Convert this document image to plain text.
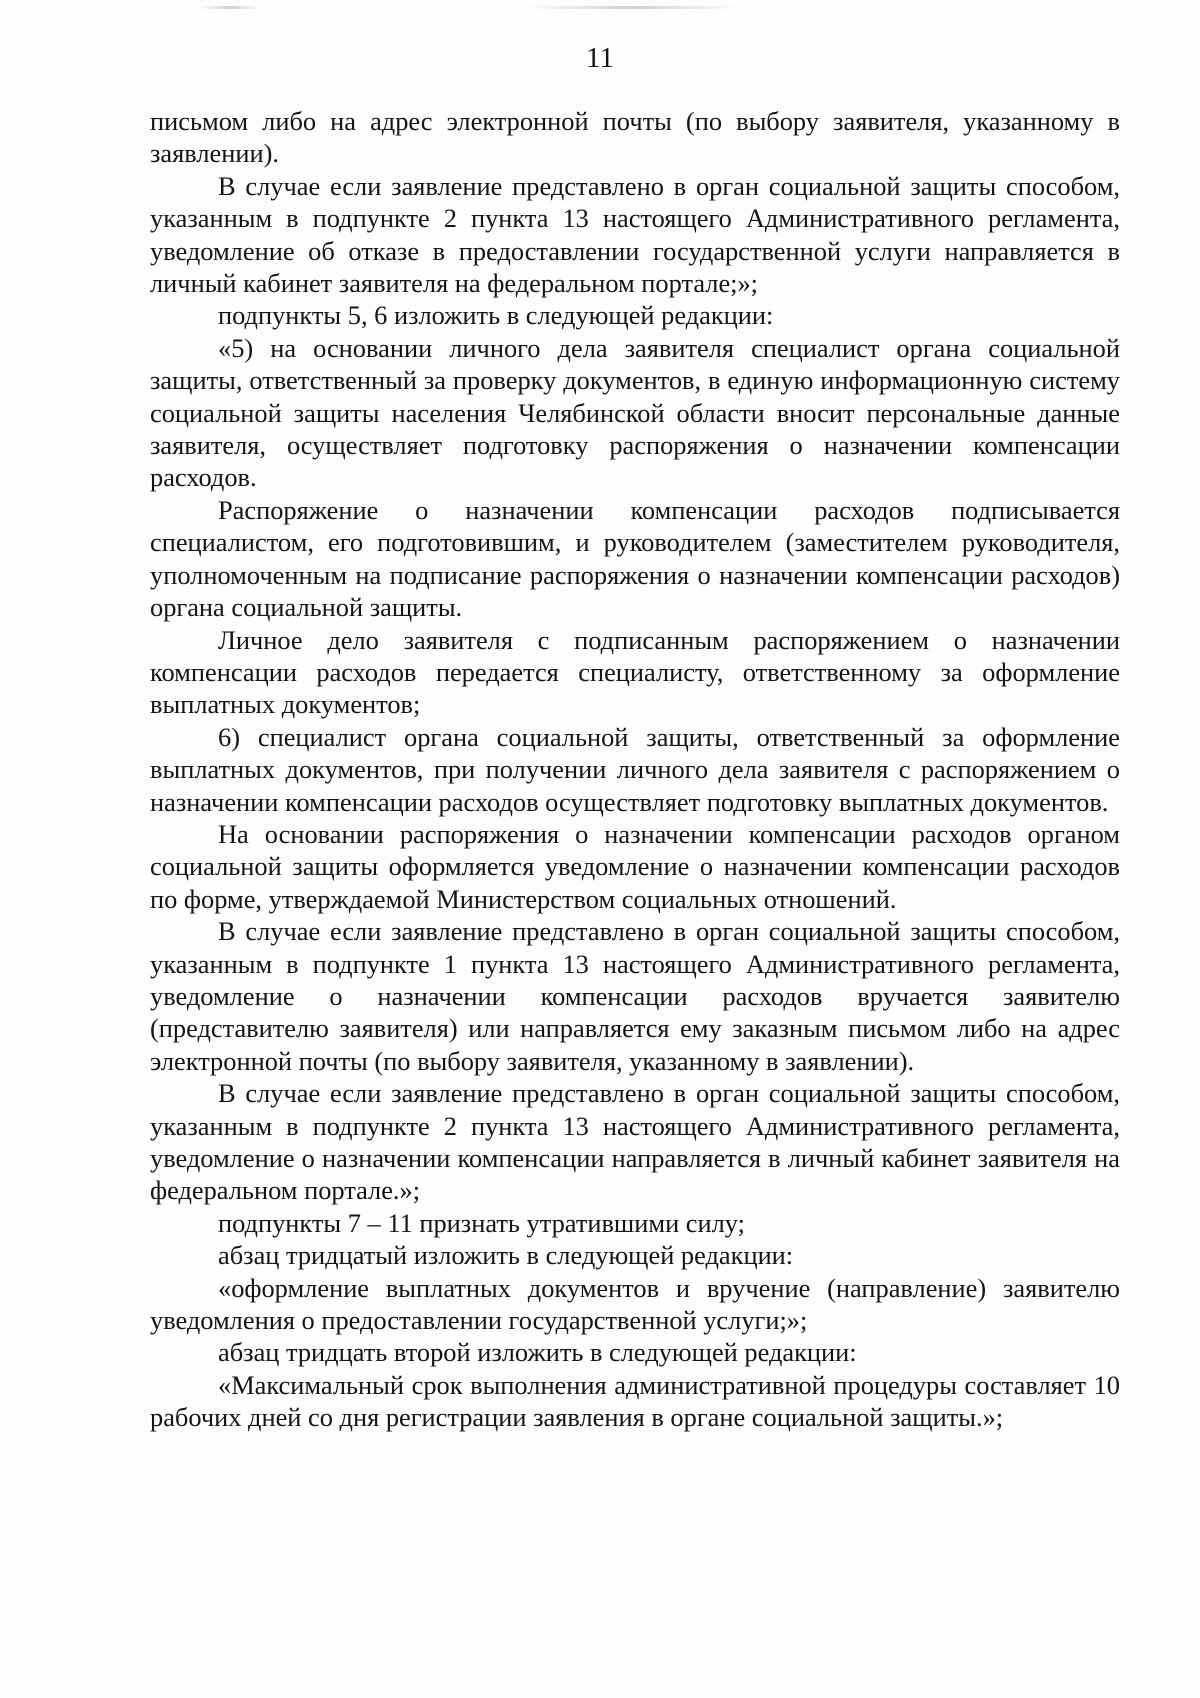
11

письмом либо на адрес электронной почты (по выбору заявителя, указанному в заявлении).

В случае если заявление представлено в орган социальной защиты способом, указанным в подпункте 2 пункта 13 настоящего Административного регламента, уведомление об отказе в предоставлении государственной услуги направляется в личный кабинет заявителя на федеральном портале;»;

подпункты 5, 6 изложить в следующей редакции:

«5) на основании личного дела заявителя специалист органа социальной защиты, ответственный за проверку документов, в единую информационную систему социальной защиты населения Челябинской области вносит персональные данные заявителя, осуществляет подготовку распоряжения о назначении компенсации расходов.

Распоряжение о назначении компенсации расходов подписывается специалистом, его подготовившим, и руководителем (заместителем руководителя, уполномоченным на подписание распоряжения о назначении компенсации расходов) органа социальной защиты.

Личное дело заявителя с подписанным распоряжением о назначении компенсации расходов передается специалисту, ответственному за оформление выплатных документов;

6) специалист органа социальной защиты, ответственный за оформление выплатных документов, при получении личного дела заявителя с распоряжением о назначении компенсации расходов осуществляет подготовку выплатных документов.

На основании распоряжения о назначении компенсации расходов органом социальной защиты оформляется уведомление о назначении компенсации расходов по форме, утверждаемой Министерством социальных отношений.

В случае если заявление представлено в орган социальной защиты способом, указанным в подпункте 1 пункта 13 настоящего Административного регламента, уведомление о назначении компенсации расходов вручается заявителю (представителю заявителя) или направляется ему заказным письмом либо на адрес электронной почты (по выбору заявителя, указанному в заявлении).

В случае если заявление представлено в орган социальной защиты способом, указанным в подпункте 2 пункта 13 настоящего Административного регламента, уведомление о назначении компенсации направляется в личный кабинет заявителя на федеральном портале.»;

подпункты 7 – 11 признать утратившими силу;

абзац тридцатый изложить в следующей редакции:

«оформление выплатных документов и вручение (направление) заявителю уведомления о предоставлении государственной услуги;»;

абзац тридцать второй изложить в следующей редакции:

«Максимальный срок выполнения административной процедуры составляет 10 рабочих дней со дня регистрации заявления в органе социальной защиты.»;
